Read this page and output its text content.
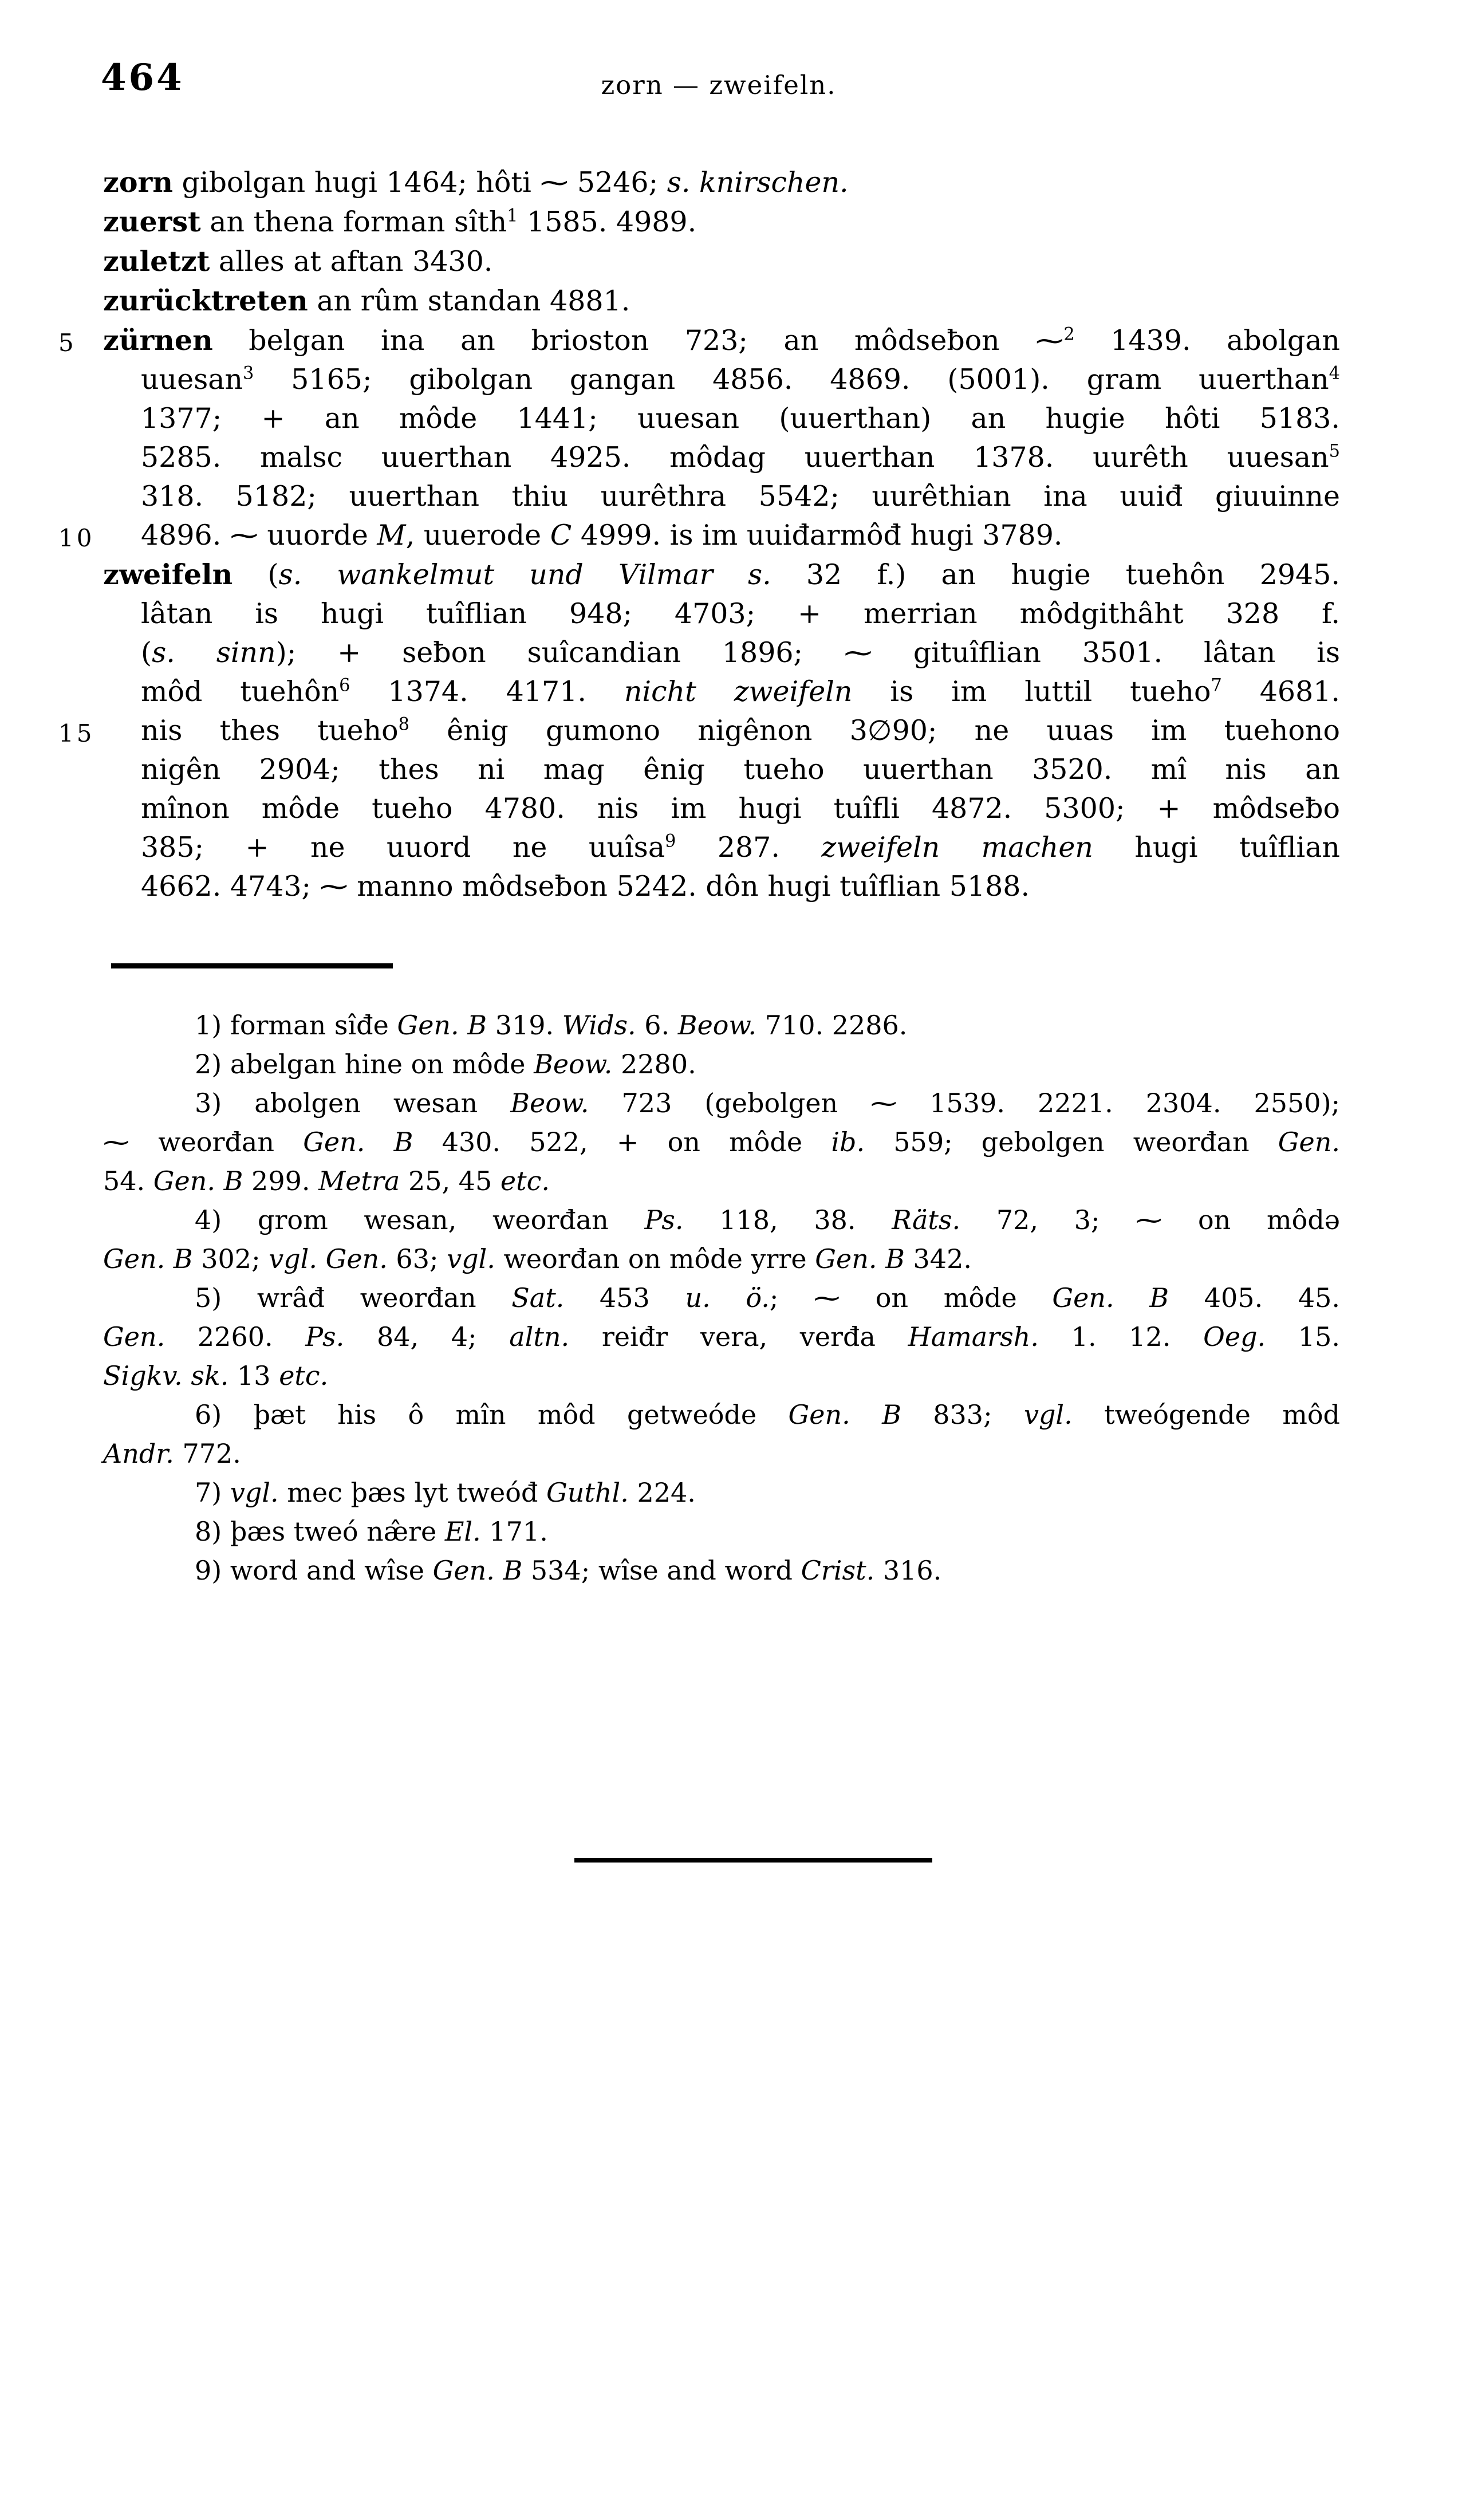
464	zorn — zweifeln.
zorn gibolgan hugi 1464; hôti ⁓ 5246; s. knirschen.
zuerst an thena forman sîth$^1$ 1585. 4989.
zuletzt alles at aftan 3430.
zurücktreten an rûm standan 4881.
5 zürnen belgan ina an brioston 723; an môdseƀon ⁓$^2$ 1439. abolgan
uuesan$^3$ 5165; gibolgan gangan 4856. 4869. (5001). gram uuerthan$^4$
1377; + an môde 1441; uuesan (uuerthan) an hugie hôti 5183.
5285. malsc uuerthan 4925. môdag uuerthan 1378. uurêth uuesan$^5$
318. 5182; uuerthan thiu uurêthra 5542; uurêthian ina uuiđ giuuinne
10 4896. ⁓ uuorde M, uuerode C 4999. is im uuiđarmôđ hugi 3789.
zweifeln (s. wankelmut und Vilmar s. 32 f.) an hugie tuehôn 2945.
lâtan is hugi tuîflian 948; 4703; + merrian môdgithâht 328 f.
(s. sinn); + seƀon suîcandian 1896; ⁓ gituîflian 3501. lâtan is
môd tuehôn$^6$ 1374. 4171. nicht zweifeln is im luttil tueho$^7$ 4681.
15 nis thes tueho$^8$ ênig gumono nigênon 3∅90; ne uuas im tuehono
nigên 2904; thes ni mag ênig tueho uuerthan 3520. mî nis an
mînon môde tueho 4780. nis im hugi tuîfli 4872. 5300; + môdseƀo
385; + ne uuord ne uuîsa$^9$ 287. zweifeln machen hugi tuîflian
4662. 4743; ⁓ manno môdseƀon 5242. dôn hugi tuîflian 5188.
1) forman sîđe Gen. B 319. Wids. 6. Beow. 710. 2286.
2) abelgan hine on môde Beow. 2280.
3) abolgen wesan Beow. 723 (gebolgen ⁓ 1539. 2221. 2304. 2550);
⁓ weorđan Gen. B 430. 522, + on môde ib. 559; gebolgen weorđan Gen.
54. Gen. B 299. Metra 25, 45 etc.
4) grom wesan, weorđan Ps. 118, 38. Räts. 72, 3; ⁓ on môdə
Gen. B 302; vgl. Gen. 63; vgl. weorđan on môde yrre Gen. B 342.
5) wrâđ weorđan Sat. 453 u. ö.; ⁓ on môde Gen. B 405. 45.
Gen. 2260. Ps. 84, 4; altn. reiđr vera, verđa Hamarsh. 1. 12. Oeg. 15.
Sigkv. sk. 13 etc.
6) þæt his ô mîn môd getweóde Gen. B 833; vgl. tweógende môd
Andr. 772.
7) vgl. mec þæs lyt tweóđ Guthl. 224.
8) þæs tweó næ̂re El. 171.
9) word and wîse Gen. B 534; wîse and word Crist. 316.
